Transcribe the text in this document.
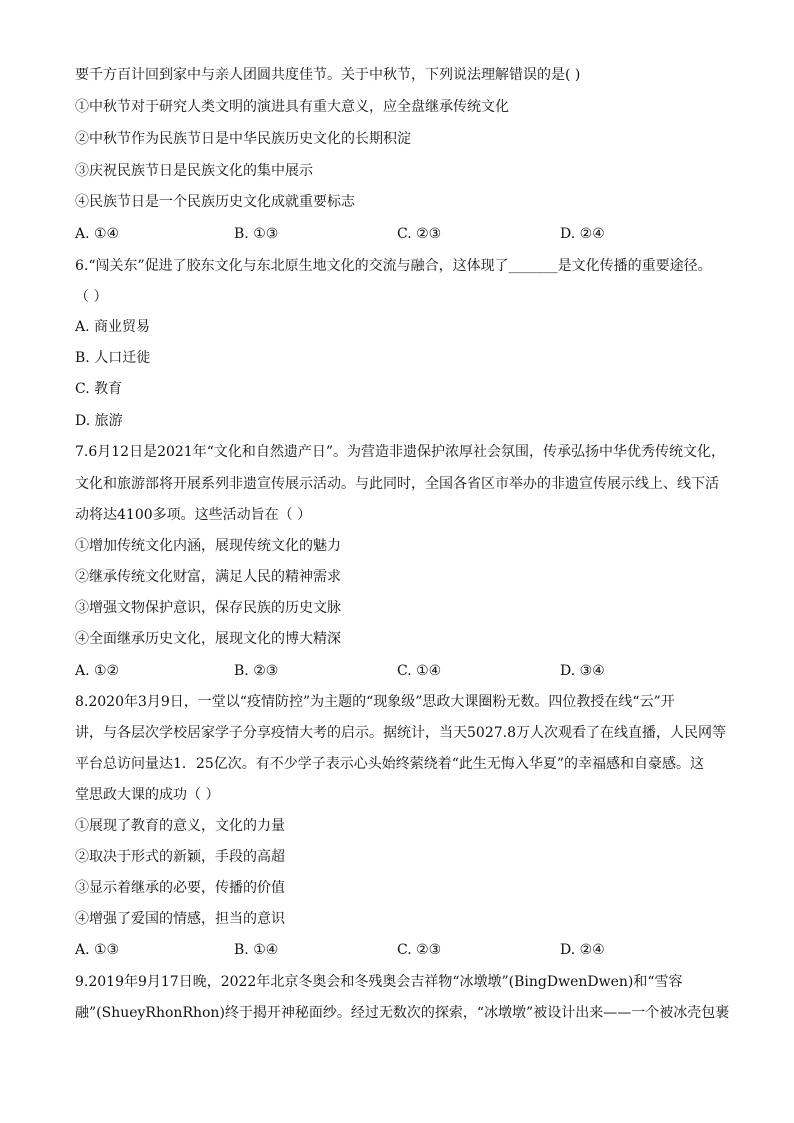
要千方百计回到家中与亲人团圆共度佳节。关于中秋节，下列说法理解错误的是( )
①中秋节对于研究人类文明的演进具有重大意义，应全盘继承传统文化
②中秋节作为民族节日是中华民族历史文化的长期积淀
③庆祝民族节日是民族文化的集中展示
④民族节日是一个民族历史文化成就重要标志
A. ①④	B. ①③	C. ②③	D. ②④
6.“闯关东”促进了胶东文化与东北原生地文化的交流与融合，这体现了_______是文化传播的重要途径。
（ ）
A. 商业贸易
B. 人口迁徙
C. 教育
D. 旅游
7.6月12日是2021年“文化和自然遗产日”。为营造非遗保护浓厚社会氛围，传承弘扬中华优秀传统文化，
文化和旅游部将开展系列非遗宣传展示活动。与此同时，全国各省区市举办的非遗宣传展示线上、线下活
动将达4100多项。这些活动旨在（ ）
①增加传统文化内涵，展现传统文化的魅力
②继承传统文化财富，满足人民的精神需求
③增强文物保护意识，保存民族的历史文脉
④全面继承历史文化，展现文化的博大精深
A. ①②	B. ②③	C. ①④	D. ③④
8.2020年3月9日，一堂以“疫情防控”为主题的“现象级”思政大课圈粉无数。四位教授在线“云”开
讲，与各层次学校居家学子分享疫情大考的启示。据统计，当天5027.8万人次观看了在线直播，人民网等
平台总访问量达1．25亿次。有不少学子表示心头始终萦绕着“此生无悔入华夏”的幸福感和自豪感。这
堂思政大课的成功（ ）
①展现了教育的意义，文化的力量
②取决于形式的新颖，手段的高超
③显示着继承的必要，传播的价值
④增强了爱国的情感，担当的意识
A. ①③	B. ①④	C. ②③	D. ②④
9.2019年9月17日晚，2022年北京冬奥会和冬残奥会吉祥物“冰墩墩”(BingDwenDwen)和“雪容
融”(ShueyRhonRhon)终于揭开神秘面纱。经过无数次的探索，“冰墩墩”被设计出来——一个被冰壳包裹
